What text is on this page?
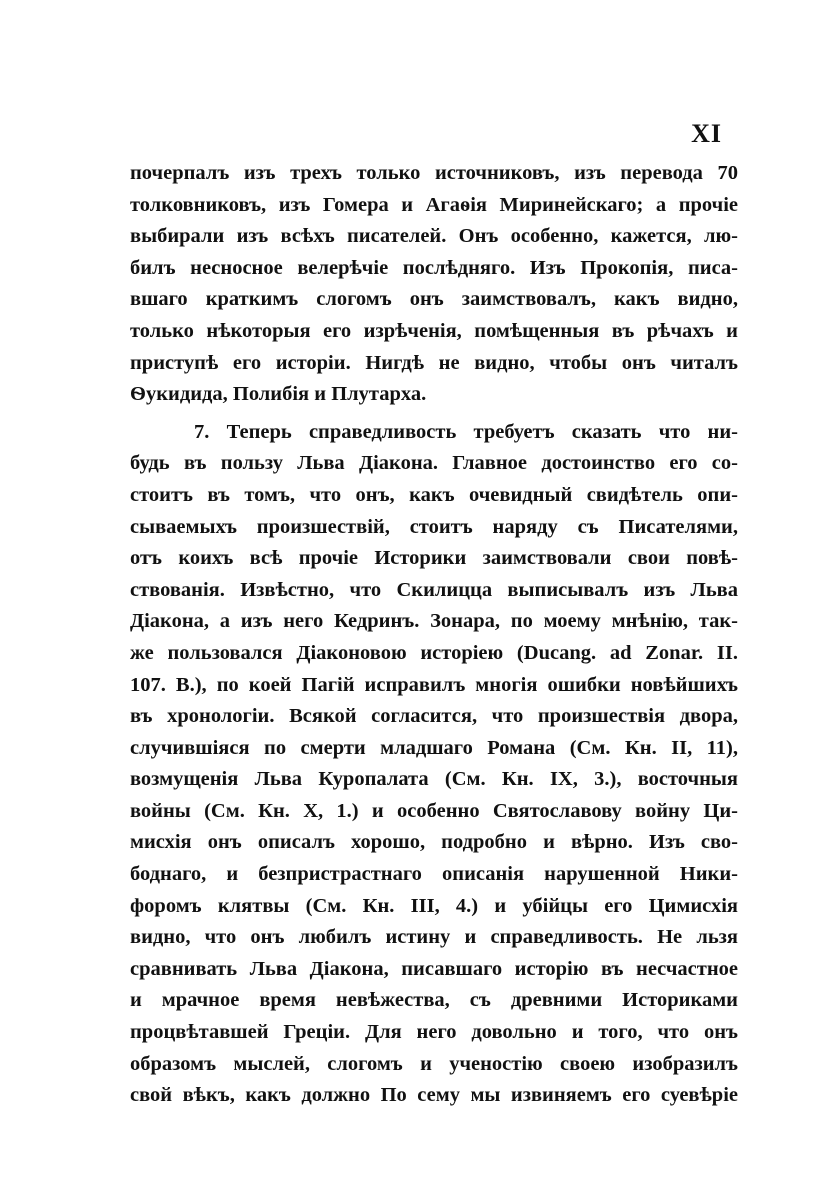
XI
почерпалъ изъ трехъ только источниковъ, изъ перевода 70
толковниковъ, изъ Гомера и Агаѳія Миринейскаго; а прочіе
выбирали изъ всѣхъ писателей. Онъ особенно, кажется, лю-
билъ несносное велерѣчіе послѣдняго. Изъ Прокопія, писа-
вшаго краткимъ слогомъ онъ заимствовалъ, какъ видно,
только нѣкоторыя его изрѣченія, помѣщенныя въ рѣчахъ и
приступѣ его исторіи. Нигдѣ не видно, чтобы онъ читалъ
Ѳукидида, Полибія и Плутарха.
7. Теперь справедливость требуетъ сказать что ни-
будь въ пользу Льва Діакона. Главное достоинство его со-
стоитъ въ томъ, что онъ, какъ очевидный свидѣтель опи-
сываемыхъ произшествій, стоитъ наряду съ Писателями,
отъ коихъ всѣ прочіе Историки заимствовали свои повѣ-
ствованія. Извѣстно, что Скилицца выписывалъ изъ Льва
Діакона, а изъ него Кедринъ. Зонара, по моему мнѣнію, так-
же пользовался Діаконовою исторіею (Ducang. ad Zonar. II.
107. B.), по коей Пагій исправилъ многія ошибки новѣйшихъ
въ хронологіи. Всякой согласится, что произшествія двора,
случившіяся по смерти младшаго Романа (См. Кн. II, 11),
возмущенія Льва Куропалата (См. Кн. IX, 3.), восточныя
войны (См. Кн. X, 1.) и особенно Святославову войну Ци-
мисхія онъ описалъ хорошо, подробно и вѣрно. Изъ сво-
боднаго, и безпристрастнаго описанія нарушенной Ники-
форомъ клятвы (См. Кн. III, 4.) и убійцы его Цимисхія
видно, что онъ любилъ истину и справедливость. Не льзя
сравнивать Льва Діакона, писавшаго исторію въ несчастное
и мрачное время невѣжества, съ древними Историками
процвѣтавшей Греціи. Для него довольно и того, что онъ
образомъ мыслей, слогомъ и ученостію своею изобразилъ
свой вѣкъ, какъ должно По сему мы извиняемъ его суевѣріе
